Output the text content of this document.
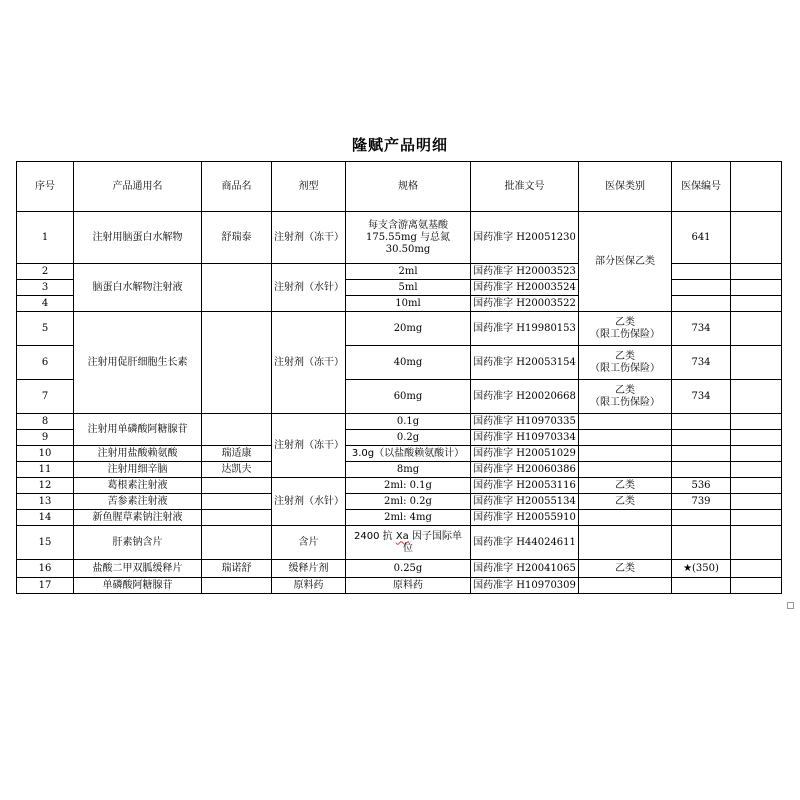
隆赋产品明细
序号	产品通用名	商品名	剂型	规格	批准文号	医保类别	医保编号	
1	注射用脑蛋白水解物	舒瑞泰	注射剂（冻干）	每支含游离氨基酸
175.55mg 与总氮
30.50mg	国药准字 H20051230	部分医保乙类	641	
2	脑蛋白水解物注射液		注射剂（水针）	2ml	国药准字 H20003523			
3				5ml	国药准字 H20003524			
4				10ml	国药准字 H20003522			
5	注射用促肝细胞生长素		注射剂（冻干）	20mg	国药准字 H19980153	乙类
（限工伤保险）	734	
6				40mg	国药准字 H20053154	乙类
（限工伤保险）	734	
7				60mg	国药准字 H20020668	乙类
（限工伤保险）	734	
8	注射用单磷酸阿糖腺苷		注射剂（冻干）	0.1g	国药准字 H10970335			
9				0.2g	国药准字 H10970334			
10	注射用盐酸赖氨酸	瑞适康		3.0g（以盐酸赖氨酸计）	国药准字 H20051029			
11	注射用细辛脑	达凯夫		8mg	国药准字 H20060386			
12	葛根素注射液		注射剂（水针）	2ml: 0.1g	国药准字 H20053116	乙类	536	
13	苦参素注射液			2ml: 0.2g	国药准字 H20055134	乙类	739	
14	新鱼腥草素钠注射液			2ml: 4mg	国药准字 H20055910			
15	肝素钠含片		含片	2400 抗 Xa 因子国际单
位	国药准字 H44024611			
16	盐酸二甲双胍缓释片	瑞诺舒	缓释片剂	0.25g	国药准字 H20041065	乙类	★(350)	
17	单磷酸阿糖腺苷		原料药	原料药	国药准字 H10970309			
